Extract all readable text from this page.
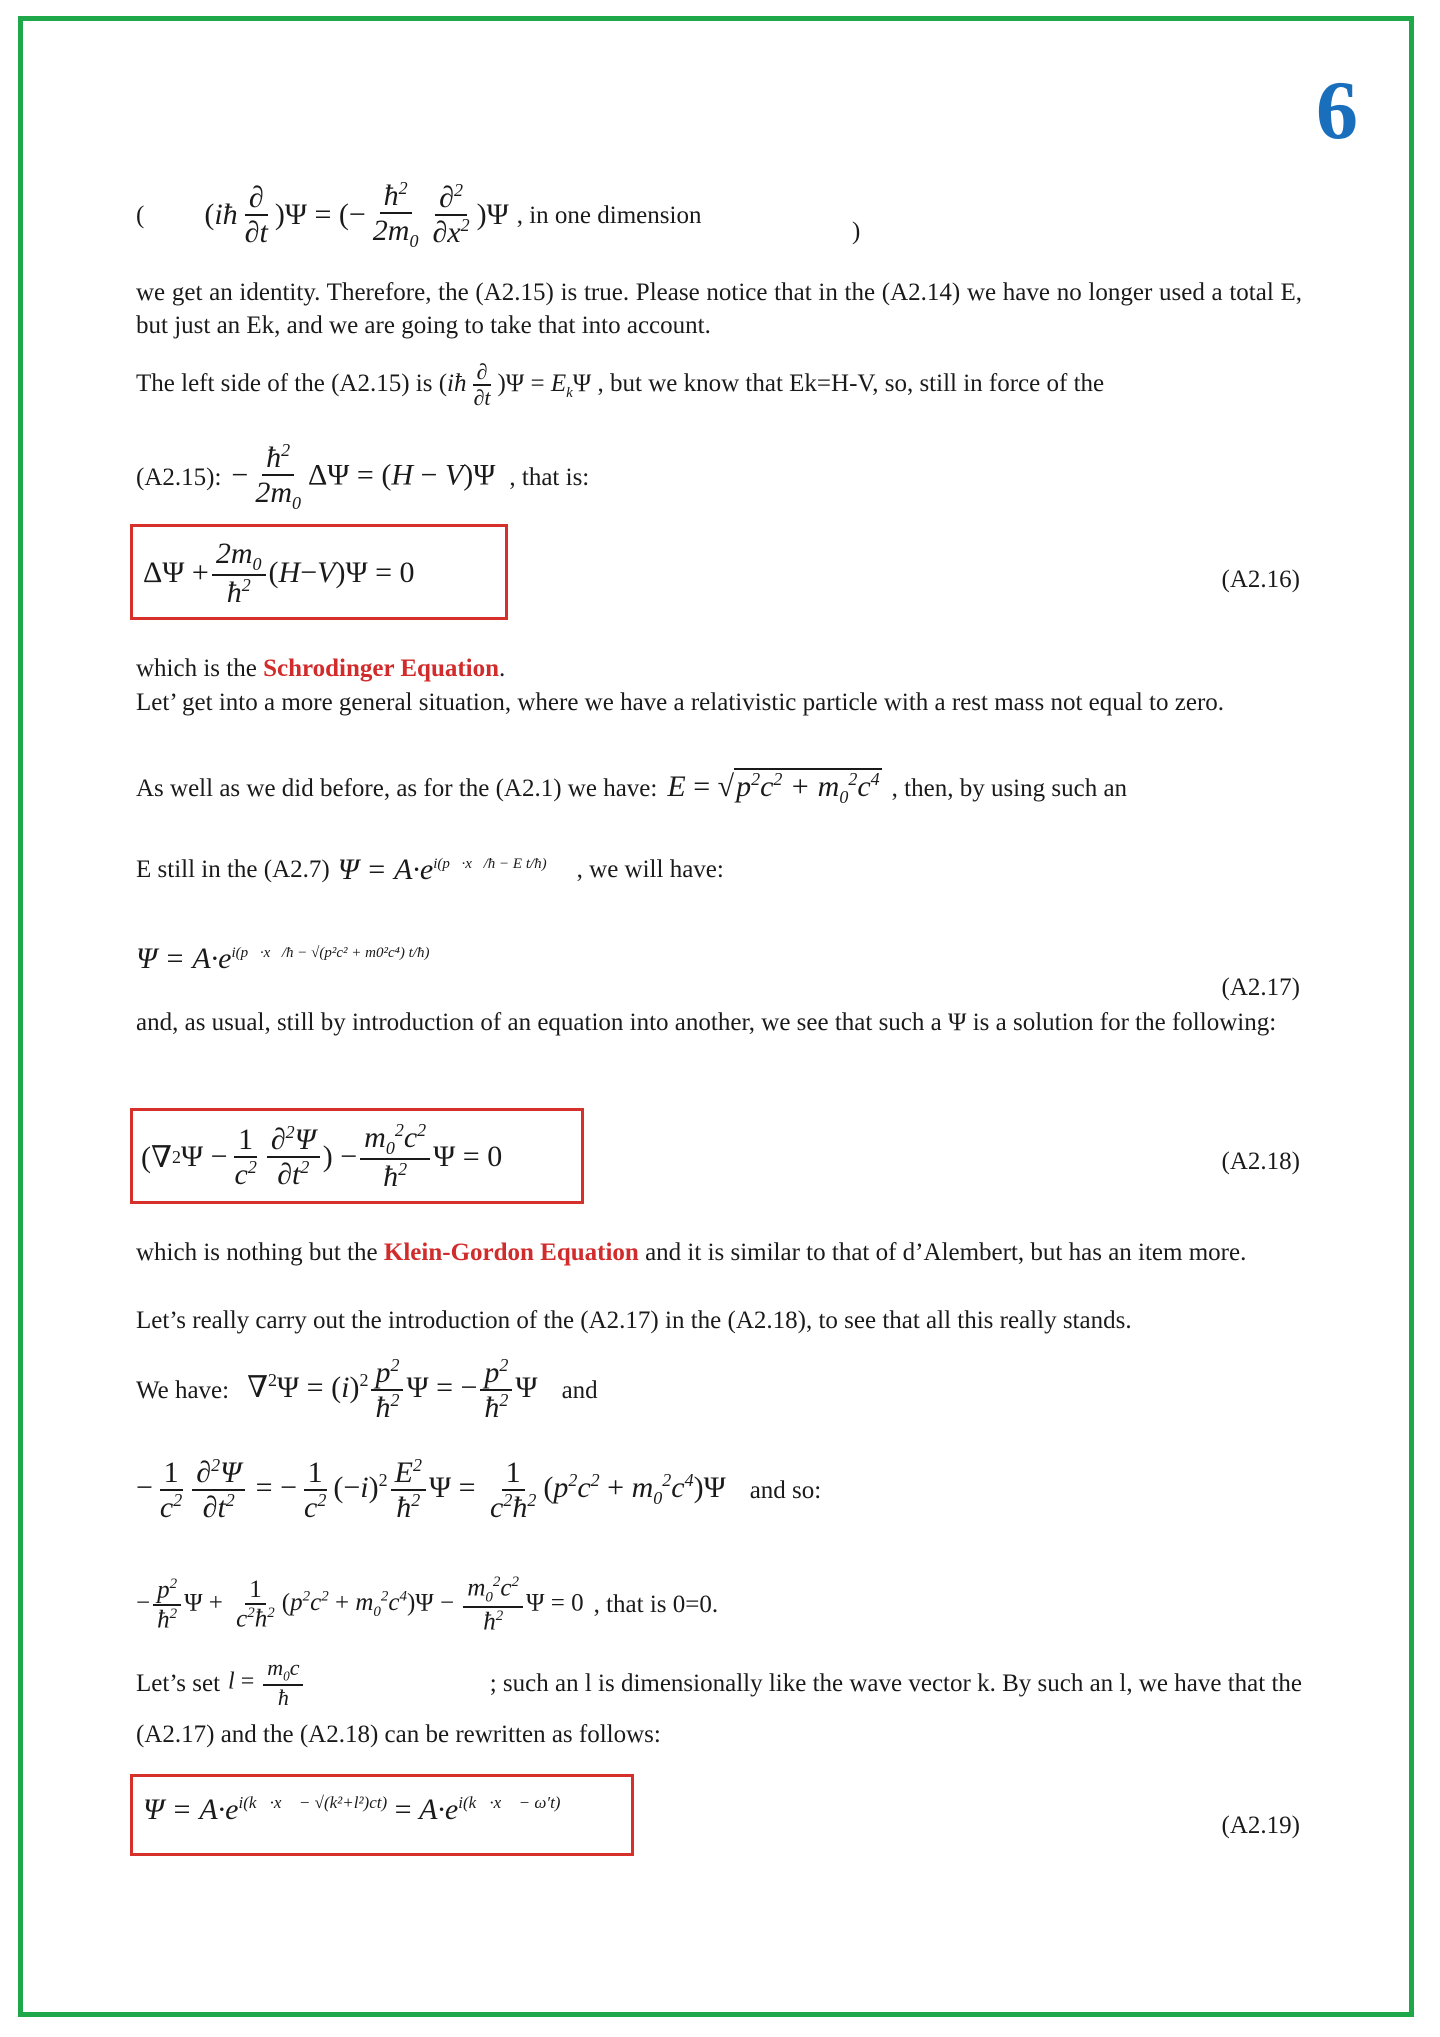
6
( ( iħ $\frac{\partial}{\partial t} )\Psi$ = (− $\frac{ħ^2}{2m_0} \frac{\partial^2}{\partial x^2} )\Psi$ , in one dimension
)
we get an identity. Therefore, the (A2.15) is true. Please notice that in the (A2.14) we have no longer used a total E, but just an Ek, and we are going to take that into account.
The left side of the (A2.15) is (iħ $\frac{\partial}{\partial t} )\Psi = E_k\Psi$ , but we know that Ek=H-V, so, still in force of the
(A2.15): − $\frac{ħ^2}{2m_0}$ ΔΨ = (H − V)Ψ , that is:
$\Delta\Psi + \frac{2m_0}{ħ^2}$ ( H − V )Ψ = 0	(A2.16)
which is the Schrodinger Equation.
Let’ get into a more general situation, where we have a relativistic particle with a rest mass not equal to zero.
As well as we did before, as for the (A2.1) we have: $E = √p^2c^2 + m_0^2c^4$ , then, by using such an
E still in the (A2.7) $\Psi = A\cdot e^{i(p⃗\cdot x⃗/ħ - E t/ħ)}$ , we will have:
$\Psi = A\cdot e^{i(p⃗\cdot x⃗/ħ - √(p^2c^2 + m0^2c^4) t/ħ)}$
(A2.17)
and, as usual, still by introduction of an equation into another, we see that such a Ψ is a solution for the following:
(∇ 2 $\Psi - \frac{1}{c^2} \frac{\partial^2\Psi}{\partial t^2}$ ) − $\frac{m_0^2c^2}{ħ^2}$ Ψ = 0	(A2.18)
which is nothing but the Klein-Gordon Equation and it is similar to that of d’Alembert, but has an item more.
Let’s really carry out the introduction of the (A2.17) in the (A2.18), to see that all this really stands.
We have: $\nabla^2\Psi = (i)^2 \frac{p^2}{ħ^2}$ Ψ = − $\frac{p^2}{ħ^2}$ Ψ and
− $\frac{1}{c^2} \frac{\partial^2\Psi}{\partial t^2}$ = − $\frac{1}{c^2} (-i)^2 \frac{E^2}{ħ^2}$ $\Psi = \frac{1}{c^2ħ^2} (p^2c^2 + m_0^2c^4)\Psi$ and so:
− $\frac{p^2}{ħ^2}$ $\Psi + \frac{1}{c^2ħ^2} (p^2c^2 + m_0^2c^4)\Psi - \frac{m_0^2c^2}{ħ^2}$ Ψ = 0 , that is 0=0.
Let’s set $l = \frac{m_0c}{ħ}$	; such an l is dimensionally like the wave vector k. By such an l, we have that the
(A2.17) and the (A2.18) can be rewritten as follows:
$\Psi = A\cdot e^{i(k⃗\cdot x⃗ - √(k^2+l^2)ct)} = A\cdot e^{i(k⃗\cdot x⃗ - \omega't)}$
(A2.19)
